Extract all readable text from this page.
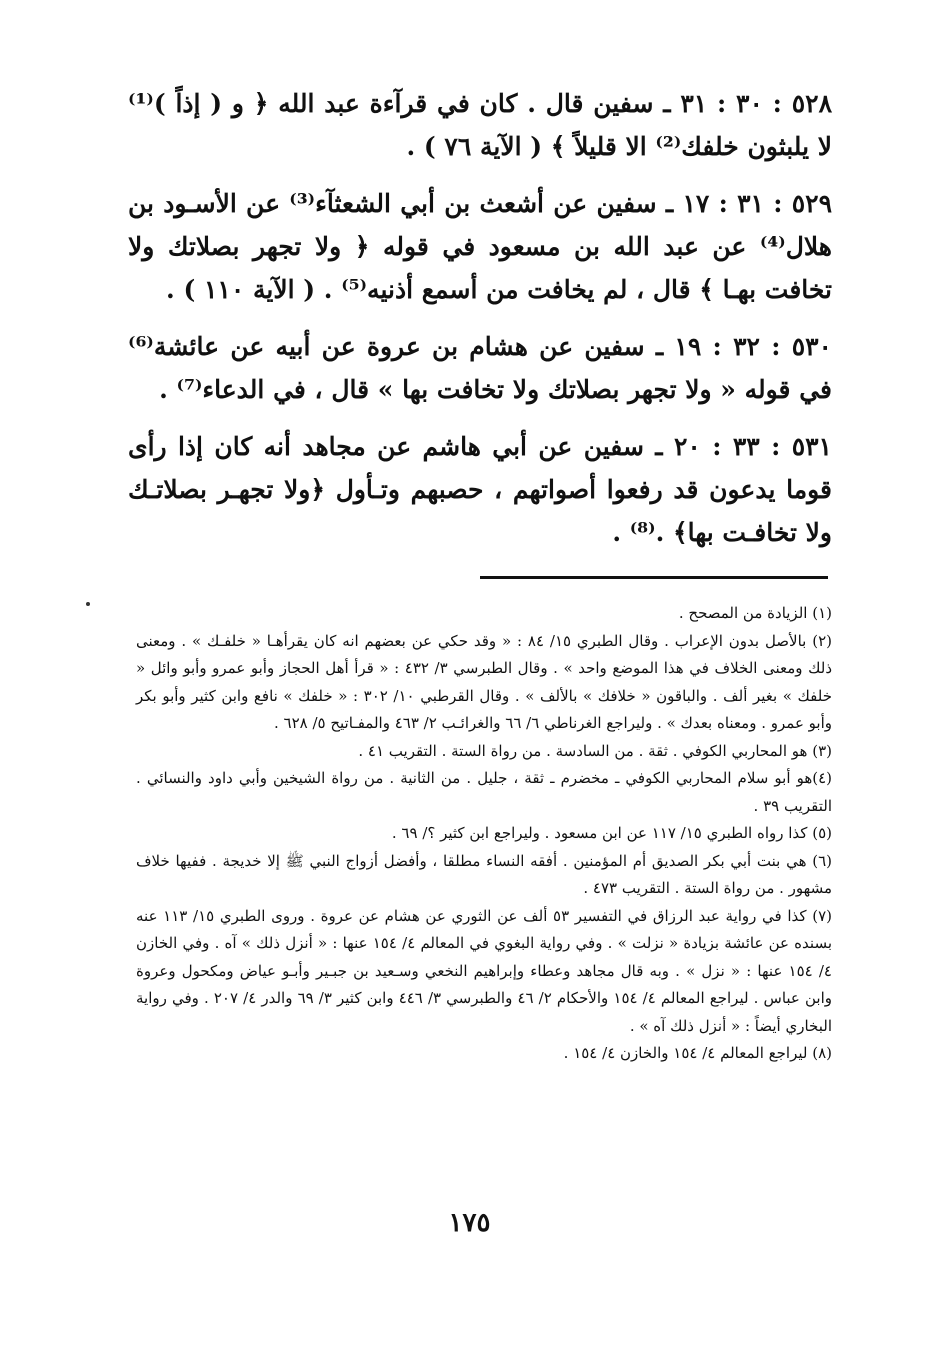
٥٢٨ : ٣٠ : ٣١ ـ سفين قال . كان في قرآءة عبد الله ﴿ و ( إذاً )⁽¹⁾ لا يلبثون خلفك⁽²⁾ الا قليلاً ﴾ ( الآية ٧٦ ) .

٥٢٩ : ٣١ : ١٧ ـ سفين عن أشعث بن أبي الشعثآء⁽³⁾ عن الأسـود بن هلال⁽⁴⁾ عن عبد الله بن مسعود في قوله ﴿ ولا تجهر بصلاتك ولا تخافت بهـا ﴾ قال ، لم يخافت من أسمع أذنيه⁽⁵⁾ . ( الآية ١١٠ ) .

٥٣٠ : ٣٢ : ١٩ ـ سفين عن هشام بن عروة عن أبيه عن عائشة⁽⁶⁾ في قوله « ولا تجهر بصلاتك ولا تخافت بها » قال ، في الدعاء⁽⁷⁾ .

٥٣١ : ٣٣ : ٢٠ ـ سفين عن أبي هاشم عن مجاهد أنه كان إذا رأى قوما يدعون قد رفعوا أصواتهم ، حصبهم وتـأول ﴿ولا تجهـر بصلاتـك ولا تخافـت بها﴾ .⁽⁸⁾ .

(١) الزيادة من المصحح .

(٢) بالأصل بدون الإعراب . وقال الطبري ١٥/ ٨٤ : « وقد حكي عن بعضهم انه كان يقرأهـا « خلفـك » . ومعنى ذلك ومعنى الخلاف في هذا الموضع واحد » . وقال الطبرسي ٣/ ٤٣٢ : « قرأ أهل الحجاز وأبو عمرو وأبو وائل « خلفك » بغير ألف . والباقون « خلافك » بالألف » . وقال القرطبي ١٠/ ٣٠٢ : « خلفك » نافع وابن كثير وأبو بكر وأبو عمرو . ومعناه بعدك » . وليراجع الغرناطي ٦/ ٦٦ والغرائـب ٢/ ٤٦٣ والمفـاتيح ٥/ ٦٢٨ .

(٣) هو المحاربي الكوفي . ثقة . من السادسة . من رواة الستة . التقريب ٤١ .

(٤)هو أبو سلام المحاربي الكوفي ـ مخضرم ـ ثقة ، جليل . من الثانية . من رواة الشيخين وأبي داود والنسائي . التقريب ٣٩ .

(٥) كذا رواه الطبري ١٥/ ١١٧ عن ابن مسعود . وليراجع ابن كثير ؟/ ٦٩ .

(٦) هي بنت أبي بكر الصديق أم المؤمنين . أفقه النساء مطلقا ، وأفضل أزواج النبي ﷺ إلا خديجة . ففيها خلاف مشهور . من رواة الستة . التقريب ٤٧٣ .

(٧) كذا في رواية عبد الرزاق في التفسير ٥٣ ألف عن الثوري عن هشام عن عروة . وروى الطبري ١٥/ ١١٣ عنه بسنده عن عائشة بزيادة « نزلت » . وفي رواية البغوي في المعالم ٤/ ١٥٤ عنها : « أنزل ذلك » آه . وفي الخازن ٤/ ١٥٤ عنها : « نزل » . وبه قال مجاهد وعطاء وإبراهيم النخعي وسـعيد بن جبـير وأبـو عياض ومكحول وعروة وابن عباس . ليراجع المعالم ٤/ ١٥٤ والأحكام ٢/ ٤٦ والطبرسي ٣/ ٤٤٦ وابن كثير ٣/ ٦٩ والدر ٤/ ٢٠٧ . وفي رواية البخاري أيضاً : « أنزل ذلك آه » .

(٨) ليراجع المعالم ٤/ ١٥٤ والخازن ٤/ ١٥٤ .

١٧٥
